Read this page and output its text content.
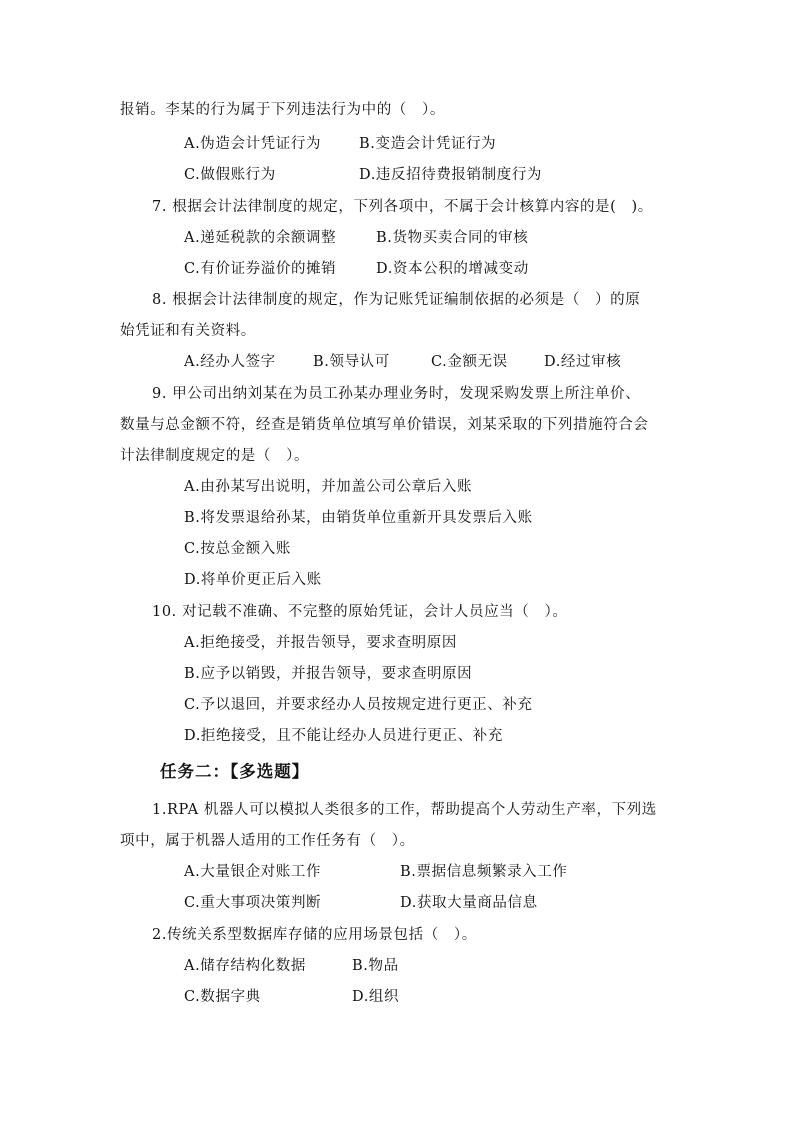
报销。李某的行为属于下列违法行为中的（　）。
A.伪造会计凭证行为	B.变造会计凭证行为
C.做假账行为	D.违反招待费报销制度行为
7. 根据会计法律制度的规定，下列各项中，不属于会计核算内容的是(　)。
A.递延税款的余额调整	B.货物买卖合同的审核
C.有价证券溢价的摊销	D.资本公积的增减变动
8. 根据会计法律制度的规定，作为记账凭证编制依据的必须是（　）的原
始凭证和有关资料。
A.经办人签字	B.领导认可	C.金额无误 D.经过审核
9. 甲公司出纳刘某在为员工孙某办理业务时，发现采购发票上所注单价、
数量与总金额不符，经查是销货单位填写单价错误，刘某采取的下列措施符合会
计法律制度规定的是（　）。
A.由孙某写出说明，并加盖公司公章后入账
B.将发票退给孙某，由销货单位重新开具发票后入账
C.按总金额入账
D.将单价更正后入账
10. 对记载不准确、不完整的原始凭证，会计人员应当（　）。
A.拒绝接受，并报告领导，要求查明原因
B.应予以销毁，并报告领导，要求查明原因
C.予以退回，并要求经办人员按规定进行更正、补充
D.拒绝接受，且不能让经办人员进行更正、补充
任务二：【多选题】
1.RPA 机器人可以模拟人类很多的工作，帮助提高个人劳动生产率，下列选
项中，属于机器人适用的工作任务有（　）。
A.大量银企对账工作	B.票据信息频繁录入工作
C.重大事项决策判断	D.获取大量商品信息
2.传统关系型数据库存储的应用场景包括（　）。
A.储存结构化数据	B.物品
C.数据字典	D.组织
